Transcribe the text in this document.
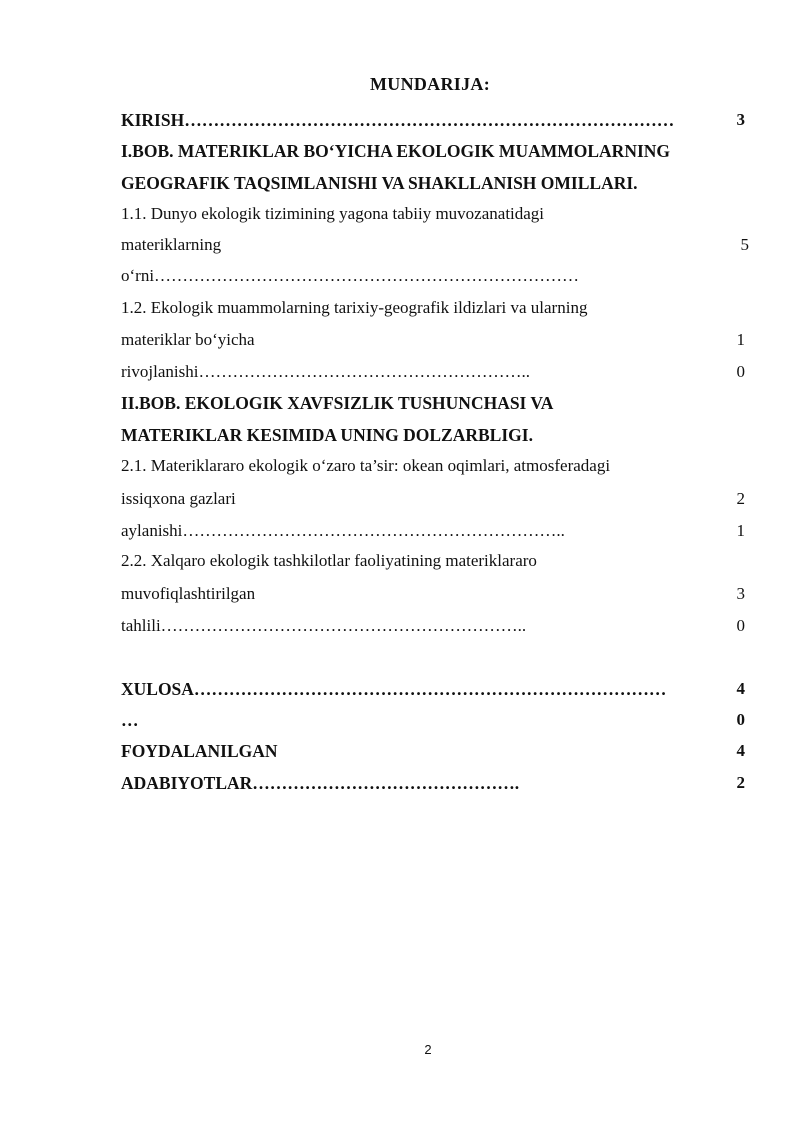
MUNDARIJA:
KIRISH…………………………………………………………………………
I.BOB. MATERIKLAR BO‘YICHA EKOLOGIK MUAMMOLARNING
GEOGRAFIK TAQSIMLANISHI VA SHAKLLANISH OMILLARI.
1.1. Dunyo ekologik tizimining yagona tabiiy muvozanatidagi
materiklarning
o‘rni…………………………………………………………………
1.2. Ekologik muammolarning tarixiy-geografik ildizlari va ularning
materiklar bo‘yicha
rivojlanishi…………………………………………………..
II.BOB. EKOLOGIK XAVFSIZLIK TUSHUNCHASI VA
MATERIKLAR KESIMIDA UNING DOLZARBLIGI.
2.1. Materiklararo ekologik o‘zaro ta’sir: okean oqimlari, atmosferadagi
issiqxona gazlari
aylanishi…………………………………………………………..
2.2. Xalqaro ekologik tashkilotlar faoliyatining materiklararo
muvofiqlashtirilgan
tahlili………………………………………………………..
XULOSA………………………………………………………………………
…
FOYDALANILGAN
ADABIYOTLAR……………………………………….
3
5
1
0
2
1
3
0
4
0
4
2
2
